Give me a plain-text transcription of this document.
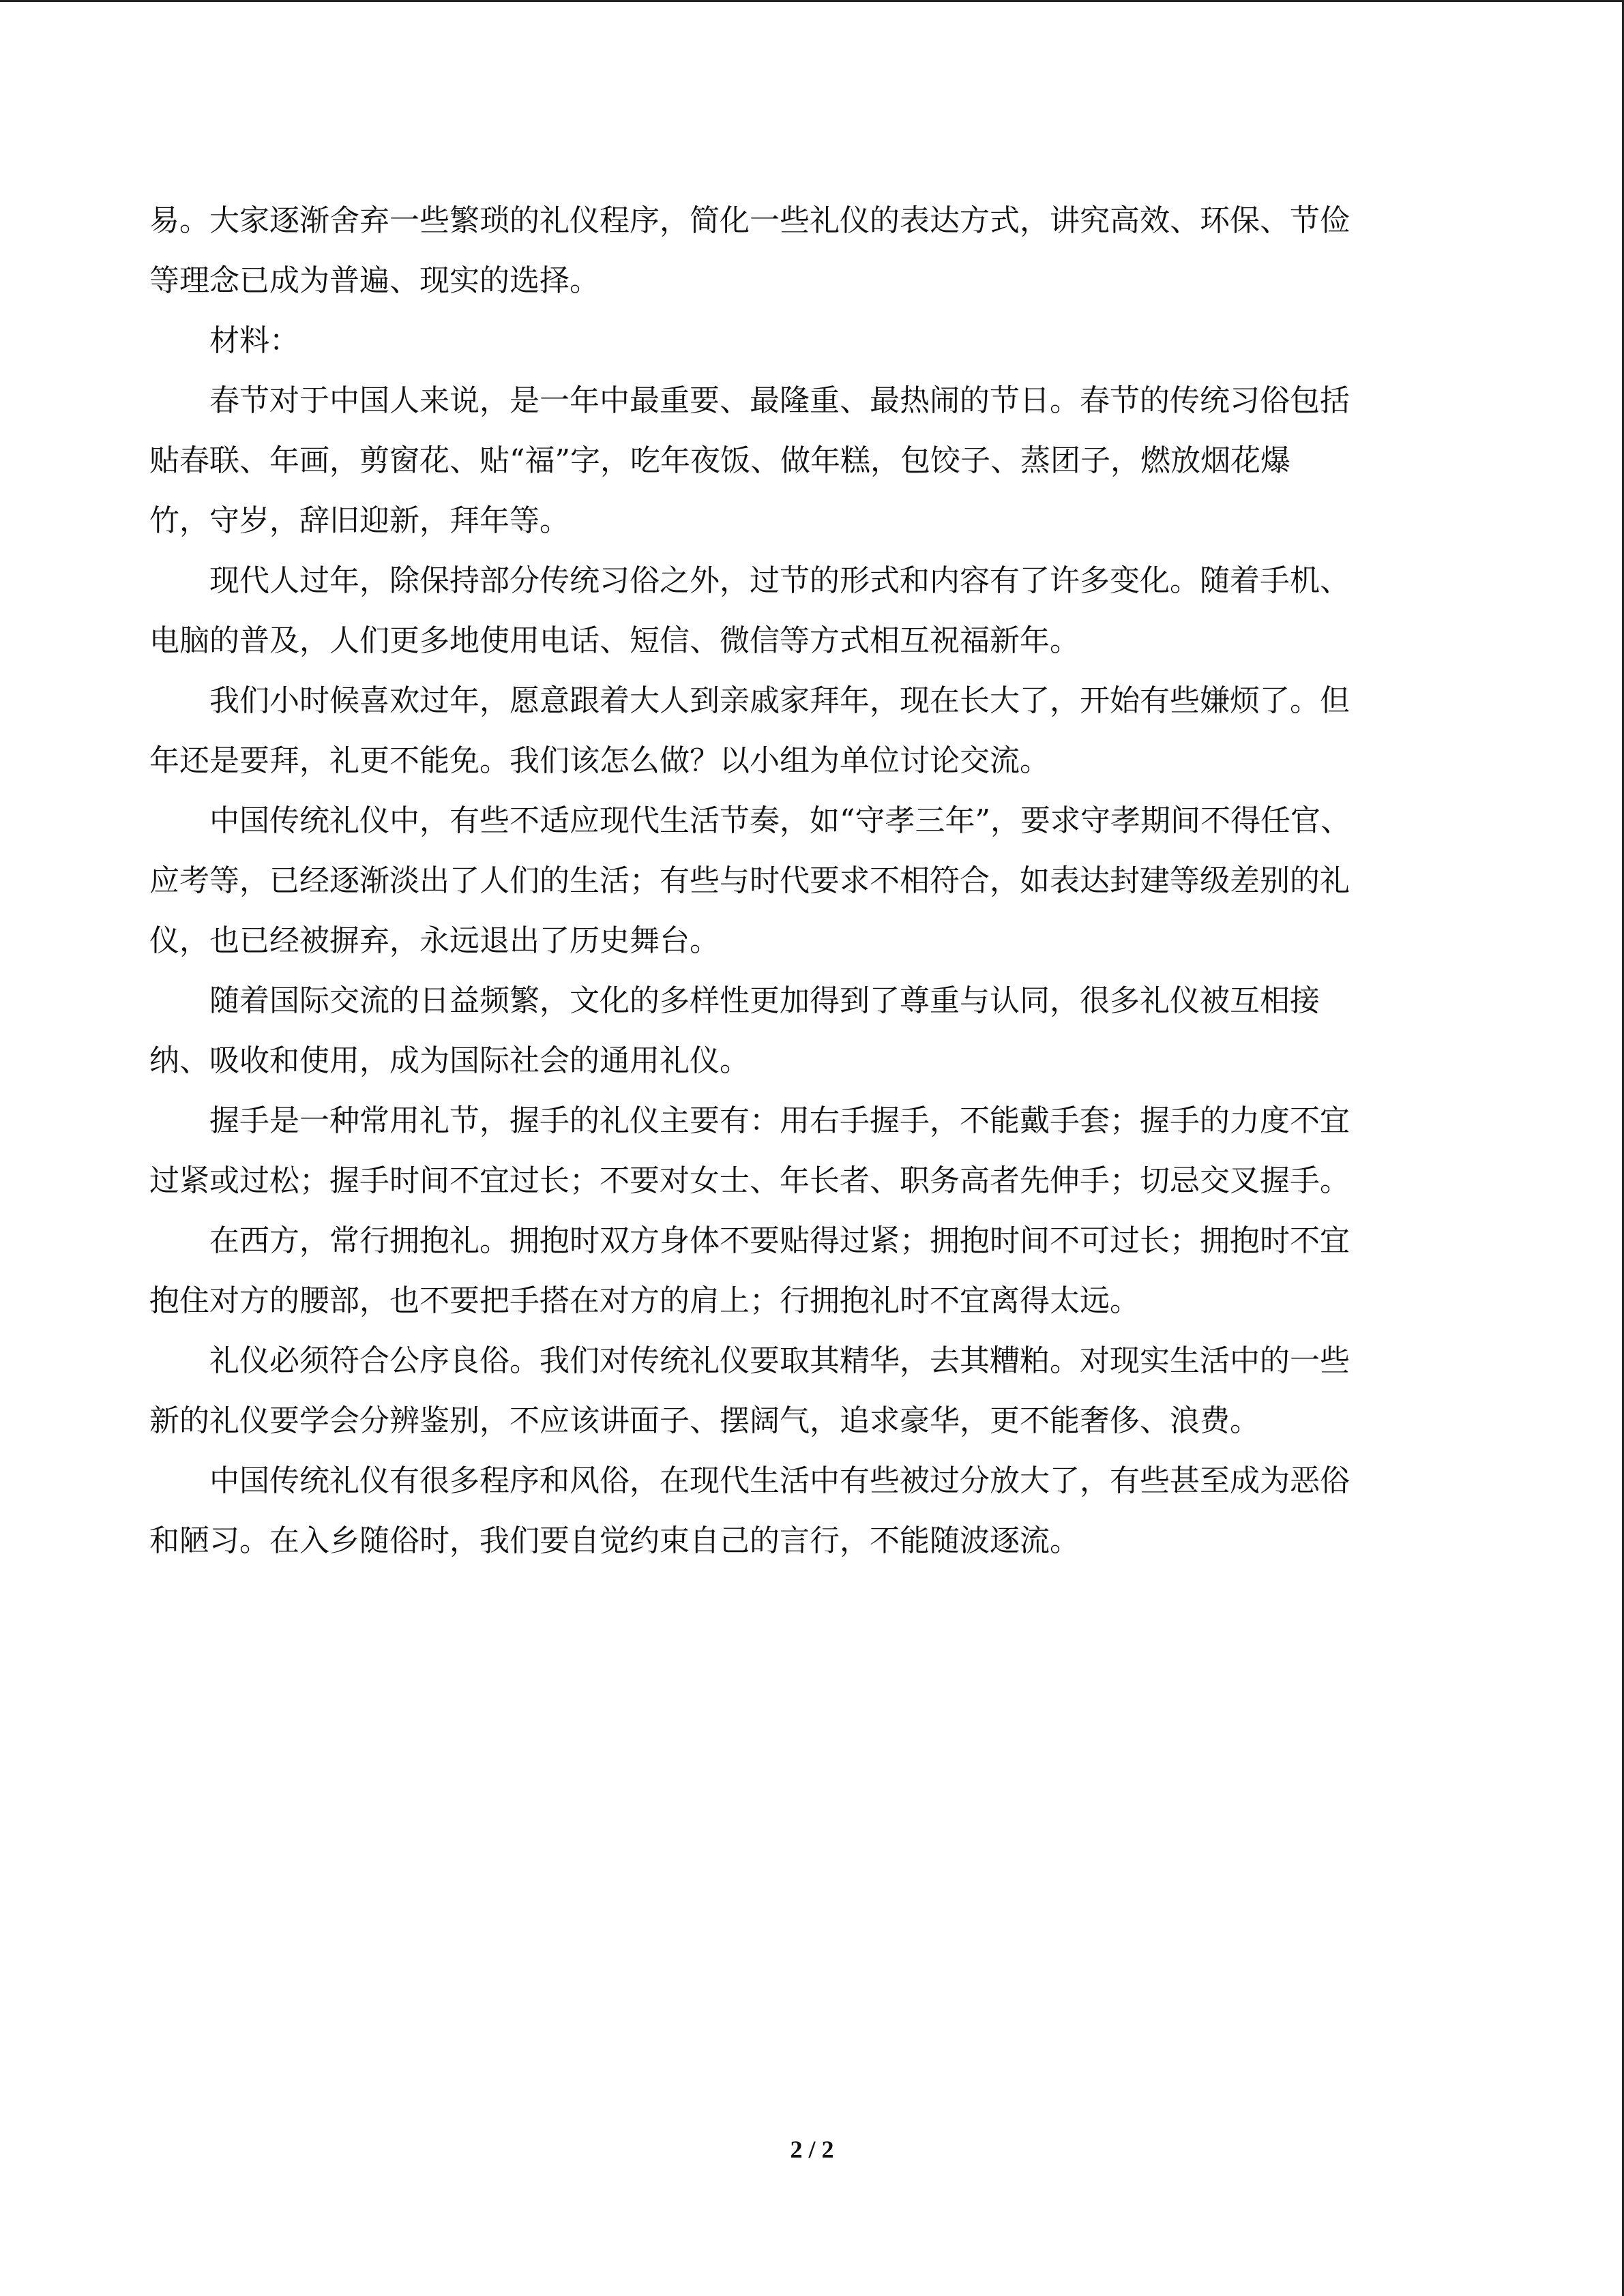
易。大家逐渐舍弃一些繁琐的礼仪程序，简化一些礼仪的表达方式，讲究高效、环保、节俭
等理念已成为普遍、现实的选择。
材料：
春节对于中国人来说，是一年中最重要、最隆重、最热闹的节日。春节的传统习俗包括
贴春联、年画，剪窗花、贴“福”字，吃年夜饭、做年糕，包饺子、蒸团子，燃放烟花爆
竹，守岁，辞旧迎新，拜年等。
现代人过年，除保持部分传统习俗之外，过节的形式和内容有了许多变化。随着手机、
电脑的普及，人们更多地使用电话、短信、微信等方式相互祝福新年。
我们小时候喜欢过年，愿意跟着大人到亲戚家拜年，现在长大了，开始有些嫌烦了。但
年还是要拜，礼更不能免。我们该怎么做？以小组为单位讨论交流。
中国传统礼仪中，有些不适应现代生活节奏，如“守孝三年”，要求守孝期间不得任官、
应考等，已经逐渐淡出了人们的生活；有些与时代要求不相符合，如表达封建等级差别的礼
仪，也已经被摒弃，永远退出了历史舞台。
随着国际交流的日益频繁，文化的多样性更加得到了尊重与认同，很多礼仪被互相接
纳、吸收和使用，成为国际社会的通用礼仪。
握手是一种常用礼节，握手的礼仪主要有：用右手握手，不能戴手套；握手的力度不宜
过紧或过松；握手时间不宜过长；不要对女士、年长者、职务高者先伸手；切忌交叉握手。
在西方，常行拥抱礼。拥抱时双方身体不要贴得过紧；拥抱时间不可过长；拥抱时不宜
抱住对方的腰部，也不要把手搭在对方的肩上；行拥抱礼时不宜离得太远。
礼仪必须符合公序良俗。我们对传统礼仪要取其精华，去其糟粕。对现实生活中的一些
新的礼仪要学会分辨鉴别，不应该讲面子、摆阔气，追求豪华，更不能奢侈、浪费。
中国传统礼仪有很多程序和风俗，在现代生活中有些被过分放大了，有些甚至成为恶俗
和陋习。在入乡随俗时，我们要自觉约束自己的言行，不能随波逐流。
2 / 2
